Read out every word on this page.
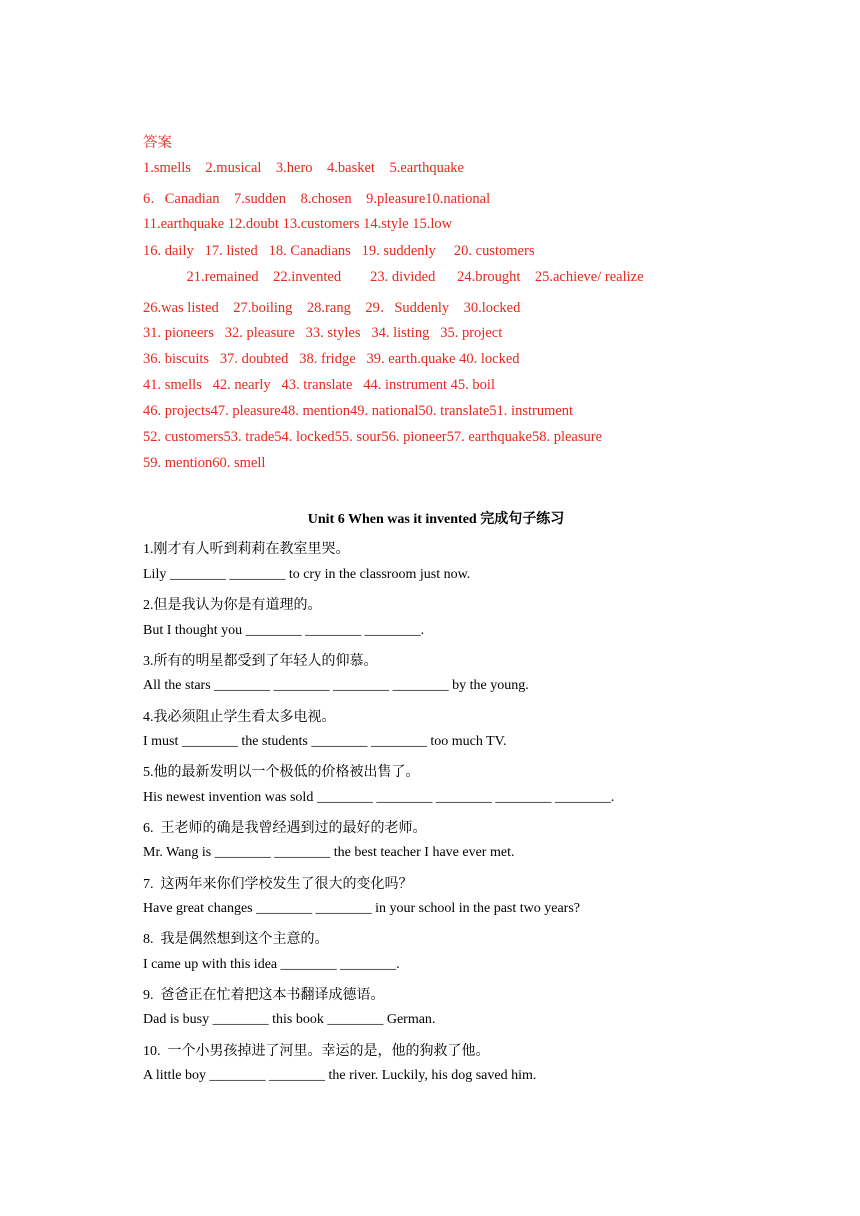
答案
1.smells    2.musical    3.hero    4.basket    5.earthquake
6．Canadian    7.sudden    8.chosen    9.pleasure10.national
11.earthquake 12.doubt 13.customers 14.style 15.low
16. daily   17. listed   18. Canadians   19. suddenly     20. customers
21.remained    22.invented        23. divided      24.brought    25.achieve/ realize
26.was listed    27.boiling    28.rang    29．Suddenly    30.locked
31. pioneers   32. pleasure   33. styles   34. listing   35. project
36. biscuits   37. doubted   38. fridge   39. earth.quake 40. locked
41. smells   42. nearly   43. translate   44. instrument 45. boil
46. projects47. pleasure48. mention49. national50. translate51. instrument
52. customers53. trade54. locked55. sour56. pioneer57. earthquake58. pleasure
59. mention60. smell
Unit 6 When was it invented 完成句子练习
1.刚才有人听到莉莉在教室里哭。
Lily ________ ________ to cry in the classroom just now.
2.但是我认为你是有道理的。
But I thought you ________ ________ ________.
3.所有的明星都受到了年轻人的仰慕。
All the stars ________ ________ ________ ________ by the young.
4.我必须阻止学生看太多电视。
I must ________ the students ________ ________ too much TV.
5.他的最新发明以一个极低的价格被出售了。
His newest invention was sold ________ ________ ________ ________ ________.
6.  王老师的确是我曾经遇到过的最好的老师。
Mr. Wang is ________ ________ the best teacher I have ever met.
7.  这两年来你们学校发生了很大的变化吗？
Have great changes ________ ________ in your school in the past two years?
8.  我是偶然想到这个主意的。
I came up with this idea ________ ________.
9.  爸爸正在忙着把这本书翻译成德语。
Dad is busy ________ this book ________ German.
10.  一个小男孩掉进了河里。幸运的是，他的狗救了他。
A little boy ________ ________ the river. Luckily, his dog saved him.
